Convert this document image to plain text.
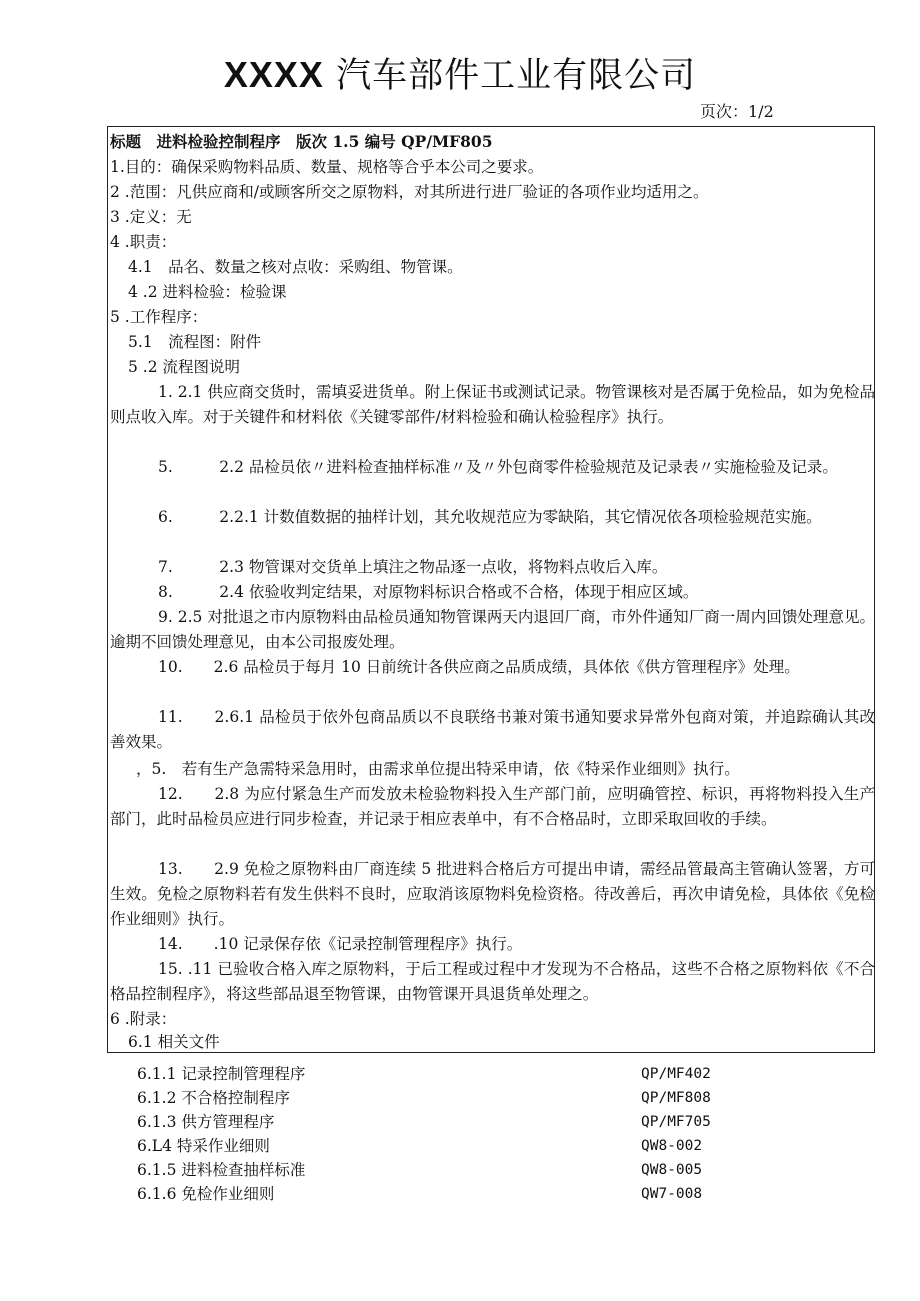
XXXX 汽车部件工业有限公司
页次：1/2
标题　进料检验控制程序　版次 1.5 编号 QP/MF805
1.目的：确保采购物料品质、数量、规格等合乎本公司之要求。
2 .范围：凡供应商和/或顾客所交之原物料，对其所进行进厂验证的各项作业均适用之。
3 .定义：无
4 .职责：
4.1　品名、数量之核对点收：采购组、物管课。
4 .2 进料检验：检验课
5 .工作程序：
5.1　流程图：附件
5 .2 流程图说明
1. 2.1 供应商交货时，需填妥进货单。附上保证书或测试记录。物管课核对是否属于免检品，如为免检品则点收入库。对于关键件和材料依《关键零部件/材料检验和确认检验程序》执行。
5.　　　2.2 品检员依〃进料检查抽样标准〃及〃外包商零件检验规范及记录表〃实施检验及记录。
6.　　　2.2.1 计数值数据的抽样计划，其允收规范应为零缺陷，其它情况依各项检验规范实施。
7.　　　2.3 物管课对交货单上填注之物品逐一点收，将物料点收后入库。
8.　　　2.4 依验收判定结果，对原物料标识合格或不合格，体现于相应区域。
9. 2.5 对批退之市内原物料由品检员通知物管课两天内退回厂商，市外件通知厂商一周内回馈处理意见。逾期不回馈处理意见，由本公司报废处理。
10.　　2.6 品检员于每月 10 日前统计各供应商之品质成绩，具体依《供方管理程序》处理。
11.　　2.6.1 品检员于依外包商品质以不良联络书兼对策书通知要求异常外包商对策，并追踪确认其改善效果。
，5.　若有生产急需特采急用时，由需求单位提出特采申请，依《特采作业细则》执行。
12.　　2.8 为应付紧急生产而发放未检验物料投入生产部门前，应明确管控、标识，再将物料投入生产部门，此时品检员应进行同步检查，并记录于相应表单中，有不合格品时，立即采取回收的手续。
13.　　2.9 免检之原物料由厂商连续 5 批进料合格后方可提出申请，需经品管最高主管确认签署，方可生效。免检之原物料若有发生供料不良时，应取消该原物料免检资格。待改善后，再次申请免检，具体依《免检作业细则》执行。
14.　　.10 记录保存依《记录控制管理程序》执行。
15. .11 已验收合格入库之原物料，于后工程或过程中才发现为不合格品，这些不合格之原物料依《不合格品控制程序》，将这些部品退至物管课，由物管课开具退货单处理之。
6 .附录：
6.1 相关文件
6.1.1 记录控制管理程序	QP/MF402
6.1.2 不合格控制程序	QP/MF808
6.1.3 供方管理程序	QP/MF705
6.L4 特采作业细则	QW8-002
6.1.5 进料检查抽样标准	QW8-005
6.1.6 免检作业细则	QW7-008
